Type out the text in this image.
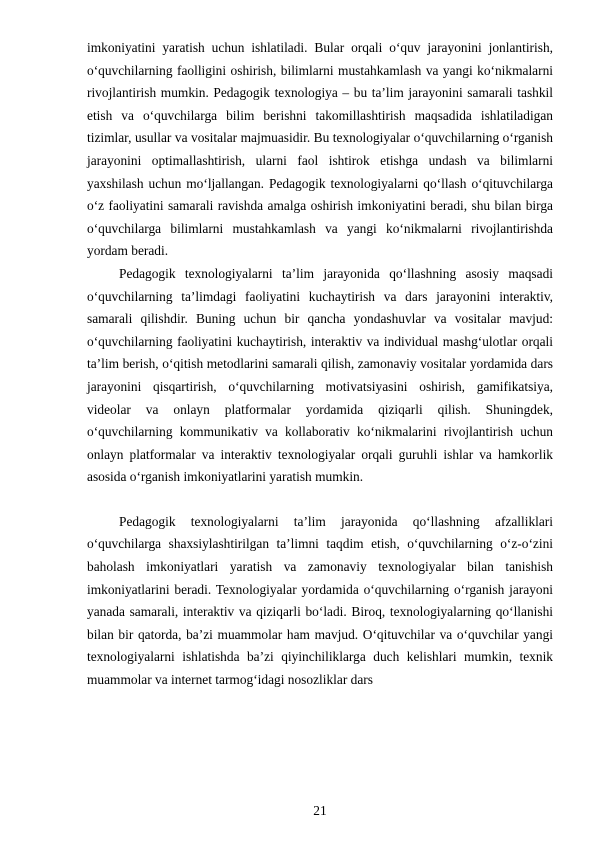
imkoniyatini yaratish uchun ishlatiladi. Bular orqali o‘quv jarayonini jonlantirish, o‘quvchilarning faolligini oshirish, bilimlarni mustahkamlash va yangi ko‘nikmalarni rivojlantirish mumkin. Pedagogik texnologiya – bu ta’lim jarayonini samarali tashkil etish va o‘quvchilarga bilim berishni takomillashtirish maqsadida ishlatiladigan tizimlar, usullar va vositalar majmuasidir. Bu texnologiyalar o‘quvchilarning o‘rganish jarayonini optimallashtirish, ularni faol ishtirok etishga undash va bilimlarni yaxshilash uchun mo‘ljallangan. Pedagogik texnologiyalarni qo‘llash o‘qituvchilarga o‘z faoliyatini samarali ravishda amalga oshirish imkoniyatini beradi, shu bilan birga o‘quvchilarga bilimlarni mustahkamlash va yangi ko‘nikmalarni rivojlantirishda yordam beradi.

Pedagogik texnologiyalarni ta’lim jarayonida qo‘llashning asosiy maqsadi o‘quvchilarning ta’limdagi faoliyatini kuchaytirish va dars jarayonini interaktiv, samarali qilishdir. Buning uchun bir qancha yondashuvlar va vositalar mavjud: o‘quvchilarning faoliyatini kuchaytirish, interaktiv va individual mashg‘ulotlar orqali ta’lim berish, o‘qitish metodlarini samarali qilish, zamonaviy vositalar yordamida dars jarayonini qisqartirish, o‘quvchilarning motivatsiyasini oshirish, gamifikatsiya, videolar va onlayn platformalar yordamida qiziqarli qilish. Shuningdek, o‘quvchilarning kommunikativ va kollaborativ ko‘nikmalarini rivojlantirish uchun onlayn platformalar va interaktiv texnologiyalar orqali guruhli ishlar va hamkorlik asosida o‘rganish imkoniyatlarini yaratish mumkin.

Pedagogik texnologiyalarni ta’lim jarayonida qo‘llashning afzalliklari o‘quvchilarga shaxsiylashtirilgan ta’limni taqdim etish, o‘quvchilarning o‘z-o‘zini baholash imkoniyatlari yaratish va zamonaviy texnologiyalar bilan tanishish imkoniyatlarini beradi. Texnologiyalar yordamida o‘quvchilarning o‘rganish jarayoni yanada samarali, interaktiv va qiziqarli bo‘ladi. Biroq, texnologiyalarning qo‘llanishi bilan bir qatorda, ba’zi muammolar ham mavjud. O‘qituvchilar va o‘quvchilar yangi texnologiyalarni ishlatishda ba’zi qiyinchiliklarga duch kelishlari mumkin, texnik muammolar va internet tarmog‘idagi nosozliklar dars

21
